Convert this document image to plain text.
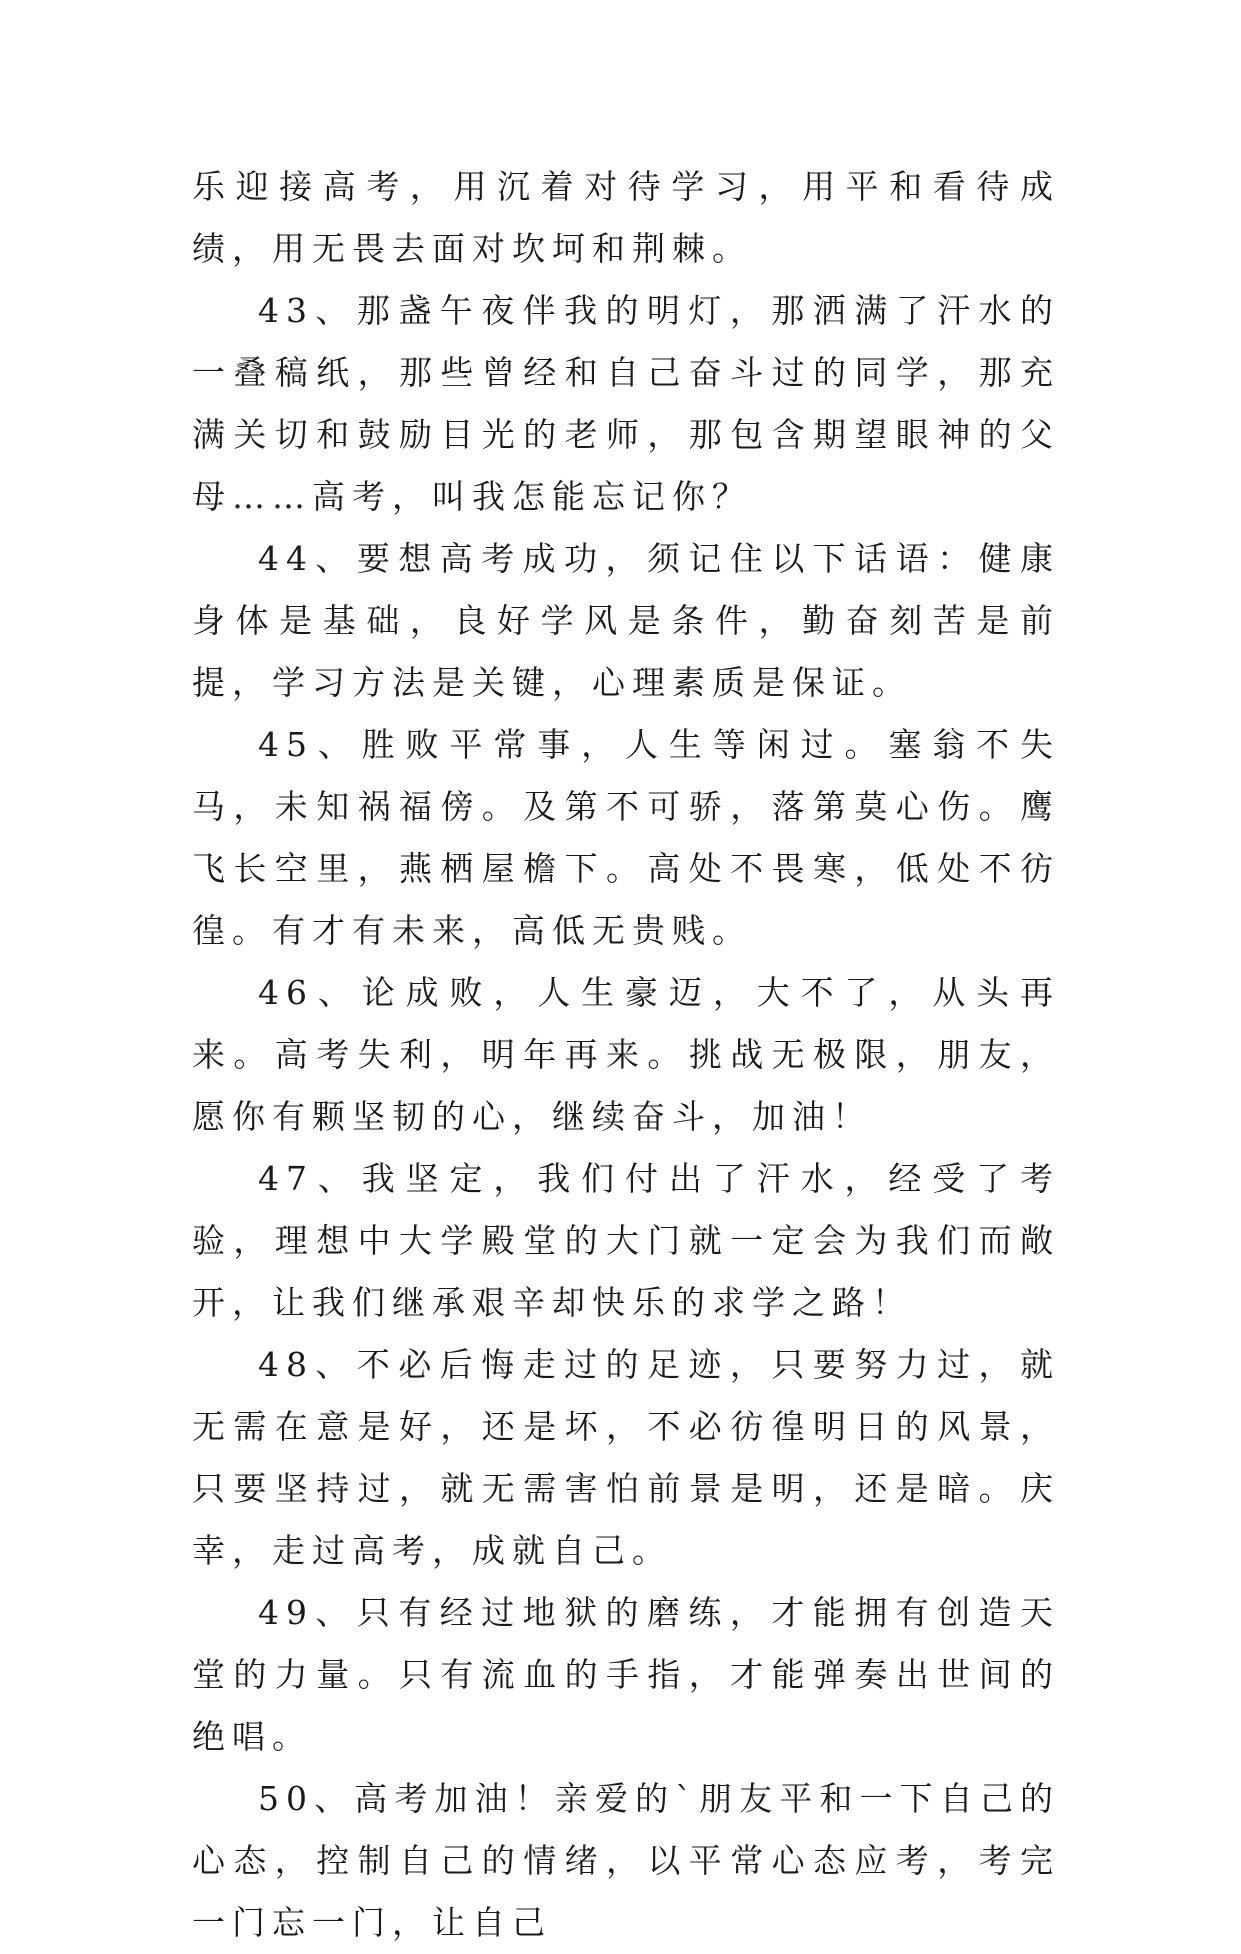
乐迎接高考，用沉着对待学习，用平和看待成绩，用无畏去面对坎坷和荆棘。

43、那盏午夜伴我的明灯，那洒满了汗水的一叠稿纸，那些曾经和自己奋斗过的同学，那充满关切和鼓励目光的老师，那包含期望眼神的父母……高考，叫我怎能忘记你？

44、要想高考成功，须记住以下话语：健康身体是基础，良好学风是条件，勤奋刻苦是前提，学习方法是关键，心理素质是保证。

45、胜败平常事，人生等闲过。塞翁不失马，未知祸福傍。及第不可骄，落第莫心伤。鹰飞长空里，燕栖屋檐下。高处不畏寒，低处不彷徨。有才有未来，高低无贵贱。

46、论成败，人生豪迈，大不了，从头再来。高考失利，明年再来。挑战无极限，朋友，愿你有颗坚韧的心，继续奋斗，加油！

47、我坚定，我们付出了汗水，经受了考验，理想中大学殿堂的大门就一定会为我们而敞开，让我们继承艰辛却快乐的求学之路！

48、不必后悔走过的足迹，只要努力过，就无需在意是好，还是坏，不必彷徨明日的风景，只要坚持过，就无需害怕前景是明，还是暗。庆幸，走过高考，成就自己。

49、只有经过地狱的磨练，才能拥有创造天堂的力量。只有流血的手指，才能弹奏出世间的绝唱。

50、高考加油！亲爱的`朋友平和一下自己的心态，控制自己的情绪，以平常心态应考，考完一门忘一门，让自己
